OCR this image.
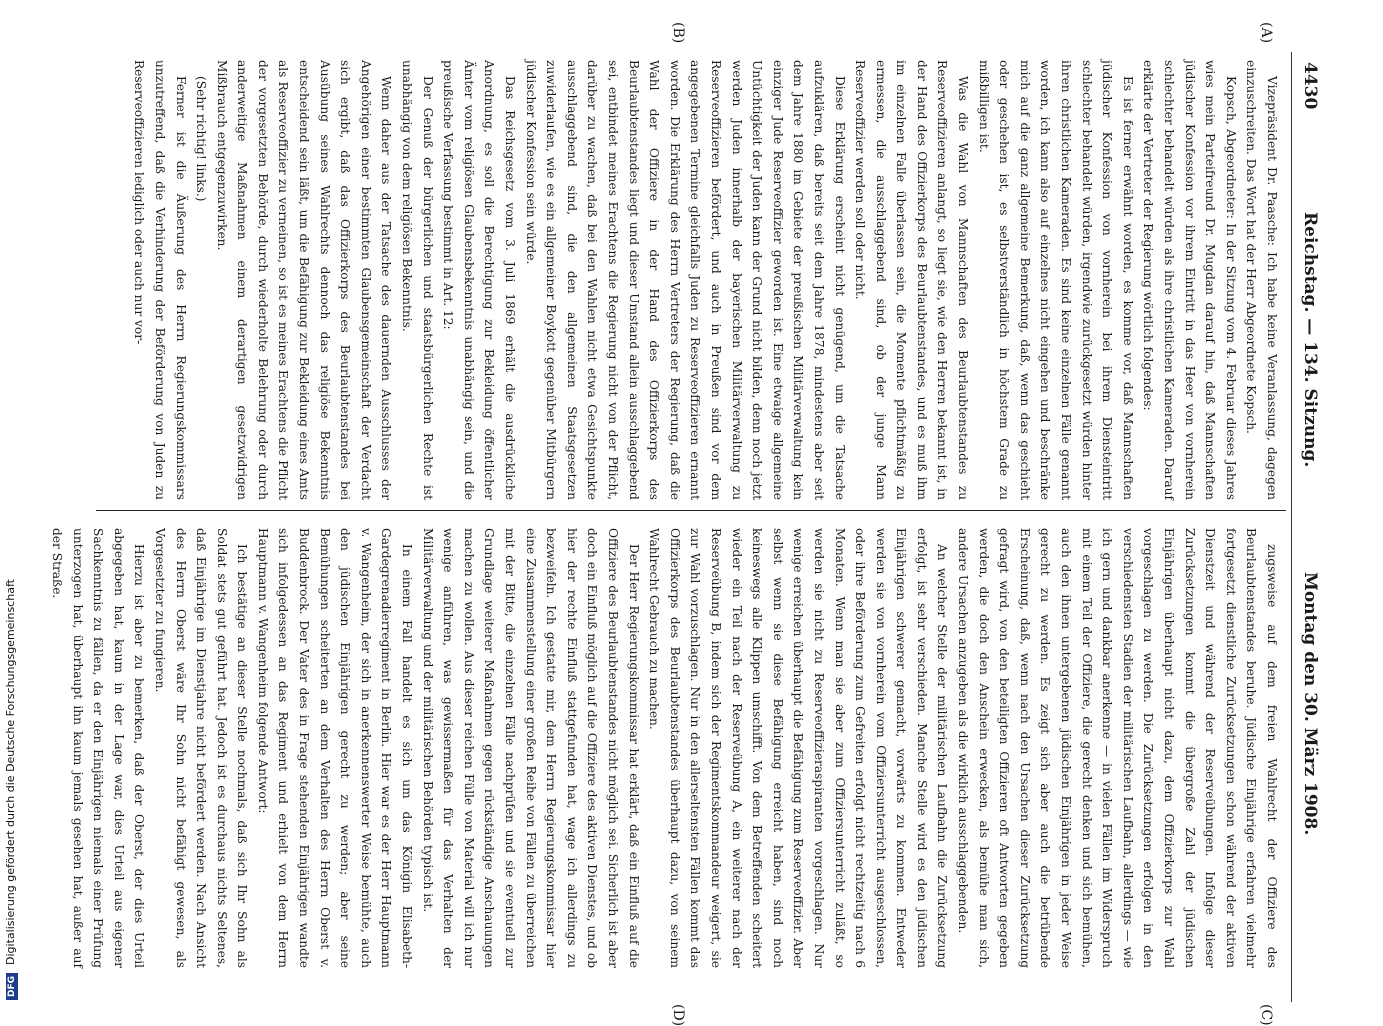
4430
Reichstag. — 134. Sitzung.
Montag den 30. März 1908.
(A)
(B)
(C)
(D)

Vizepräsident Dr. Paasche: Ich habe keine Veranlassung, dagegen einzuschreiten. Das Wort hat der Herr Abgeordnete Kopsch.

Kopsch, Abgeordneter: In der Sitzung vom 4. Februar dieses Jahres wies mein Parteifreund Dr. Mugdan darauf hin, daß Mannschaften jüdischer Konfession vor ihrem Eintritt in das Heer von vornherein schlechter behandelt würden als ihre christlichen Kameraden. Darauf erklärte der Vertreter der Regierung wörtlich folgendes:

Es ist ferner erwähnt worden, es komme vor, daß Mannschaften jüdischer Konfession von vornherein bei ihrem Diensteintritt schlechter behandelt würden, irgendwie zurückgesetzt würden hinter ihren christlichen Kameraden. Es sind keine einzelnen Fälle genannt worden, ich kann also auf einzelnes nicht eingehen und beschränke mich auf die ganz allgemeine Bemerkung, daß, wenn das geschieht oder geschehen ist, es selbstverständlich in höchstem Grade zu mißbilligen ist.

Was die Wahl von Mannschaften des Beurlaubtenstandes zu Reserveoffizieren anlangt, so liegt sie, wie den Herren bekannt ist, in der Hand des Offizierkorps des Beurlaubtenstandes, und es muß ihm im einzelnen Falle überlassen sein, die Momente pflichtmäßig zu ermessen, die ausschlaggebend sind, ob der junge Mann Reserveoffizier werden soll oder nicht.

Diese Erklärung erscheint nicht genügend, um die Tatsache aufzuklären, daß bereits seit dem Jahre 1878, mindestens aber seit dem Jahre 1880 im Gebiete der preußischen Militärverwaltung kein einziger Jude Reserveoffizier geworden ist. Eine etwaige allgemeine Untüchtigkeit der Juden kann der Grund nicht bilden, denn noch jetzt werden Juden innerhalb der bayerischen Militärverwaltung zu Reserveoffizieren befördert, und auch in Preußen sind vor dem angegebenen Termine gleichfalls Juden zu Reserveoffizieren ernannt worden. Die Erklärung des Herrn Vertreters der Regierung, daß die Wahl der Offiziere in der Hand des Offizierkorps des Beurlaubtenstandes liegt und dieser Umstand allein ausschlaggebend sei, entbindet meines Erachtens die Regierung nicht von der Pflicht, darüber zu wachen, daß bei den Wahlen nicht etwa Gesichtspunkte ausschlaggebend sind, die den allgemeinen Staatsgesetzen zuwiderlaufen, wie es ein allgemeiner Boykott gegenüber Mitbürgern jüdischer Konfession sein würde.

Das Reichsgesetz vom 3. Juli 1869 erhält die ausdrückliche Anordnung, es soll die Berechtigung zur Bekleidung öffentlicher Ämter vom religiösen Glaubensbekenntnis unabhängig sein, und die preußische Verfassung bestimmt in Art. 12:

Der Genuß der bürgerlichen und staatsbürgerlichen Rechte ist unabhängig von dem religiösen Bekenntnis.

Wenn daher aus der Tatsache des dauernden Ausschlusses der Angehörigen einer bestimmten Glaubensgemeinschaft der Verdacht sich ergibt, daß das Offizierkorps des Beurlaubtenstandes bei Ausübung seines Wahlrechts dennoch das religiöse Bekenntnis entscheidend sein läßt, um die Befähigung zur Bekleidung eines Amts als Reserveoffizier zu verneinen, so ist es meines Erachtens die Pflicht der vorgesetzten Behörde, durch wiederholte Belehrung oder durch anderweitige Maßnahmen einem derartigen gesetzwidrigen Mißbrauch entgegenzuwirken.

(Sehr richtig! links.)

Ferner ist die Äußerung des Herrn Regierungskommissars unzutreffend, daß die Verhinderung der Beförderung von Juden zu Reserveoffizieren lediglich oder auch nur vor-

zugsweise auf dem freien Wahlrecht der Offiziere des Beurlaubtenstandes beruhe. Jüdische Einjährige erfahren vielmehr fortgesetzt dienstliche Zurücksetzungen schon während der aktiven Dienstzeit und während der Reserveübungen. Infolge dieser Zurücksetzungen kommt die übergroße Zahl der jüdischen Einjährigen überhaupt nicht dazu, dem Offizierkorps zur Wahl vorgeschlagen zu werden. Die Zurücksetzungen erfolgen in den verschiedensten Stadien der militärischen Laufbahn, allerdings — wie ich gern und dankbar anerkenne — in vielen Fällen im Widerspruch mit einem Teil der Offiziere, die gerecht denken und sich bemühen, auch den ihnen untergebenen jüdischen Einjährigen in jeder Weise gerecht zu werden. Es zeigt sich aber auch die betrübende Erscheinung, daß, wenn nach den Ursachen dieser Zurücksetzung gefragt wird, von den beteiligten Offizieren oft Antworten gegeben werden, die doch den Anschein erwecken, als bemühe man sich, andere Ursachen anzugeben als die wirklich ausschlaggebenden.

An welcher Stelle der militärischen Laufbahn die Zurücksetzung erfolgt, ist sehr verschieden. Manche Stelle wird es den jüdischen Einjährigen schwerer gemacht, vorwärts zu kommen. Entweder werden sie von vornherein vom Offiziersunterricht ausgeschlossen, oder ihre Beförderung zum Gefreiten erfolgt nicht rechtzeitig nach 6 Monaten. Wenn man sie aber zum Offiziersunterricht zuläßt, so werden sie nicht zu Reserveoffizieraspiranten vorgeschlagen. Nur wenige erreichen überhaupt die Befähigung zum Reserveoffizier. Aber selbst wenn sie diese Befähigung erreicht haben, sind noch keineswegs alle Klippen umschifft. Von dem Betreffenden scheitert wieder ein Teil nach der Reserveübung A, ein weiterer nach der Reserveübung B, indem sich der Regimentskommandeur weigert, sie zur Wahl vorzuschlagen. Nur in den allerseltensten Fällen kommt das Offizierkorps des Beurlaubtenstandes überhaupt dazu, von seinem Wahlrecht Gebrauch zu machen.

Der Herr Regierungskommissar hat erklärt, daß ein Einfluß auf die Offiziere des Beurlaubtenstandes nicht möglich sei. Sicherlich ist aber doch ein Einfluß möglich auf die Offiziere des aktiven Dienstes, und ob hier der rechte Einfluß stattgefunden hat, wage ich allerdings zu bezweifeln. Ich gestatte mir, dem Herrn Regierungskommissar hier eine Zusammenstellung einer großen Reihe von Fällen zu überreichen mit der Bitte, die einzelnen Fälle nachprüfen und sie eventuell zur Grundlage weiterer Maßnahmen gegen rückständige Anschauungen machen zu wollen. Aus dieser reichen Fülle von Material will ich nur wenige anführen, was gewissermaßen für das Verhalten der Militärverwaltung und der militärischen Behörden typisch ist.

In einem Fall handelt es sich um das Königin Elisabeth-Gardegrenadierregiment in Berlin. Hier war es der Herr Hauptmann v. Wangenheim, der sich in anerkennenswerter Weise bemühte, auch den jüdischen Einjährigen gerecht zu werden; aber seine Bemühungen scheiterten an dem Verhalten des Herrn Oberst v. Buddenbrock. Der Vater des in Frage stehenden Einjährigen wandte sich infolgedessen an das Regiment und erhielt von dem Herrn Hauptmann v. Wangenheim folgende Antwort:

Ich bestätige an dieser Stelle nochmals, daß sich Ihr Sohn als Soldat stets gut geführt hat. Jedoch ist es durchaus nichts Seltenes, daß Einjährige im Dienstjahre nicht befördert werden. Nach Ansicht des Herrn Oberst wäre Ihr Sohn nicht befähigt gewesen, als Vorgesetzter zu fungieren.

Hierzu ist aber zu bemerken, daß der Oberst, der dies Urteil abgegeben hat, kaum in der Lage war, dies Urteil aus eigener Sachkenntnis zu fällen, da er den Einjährigen niemals einer Prüfung unterzogen hat, überhaupt ihn kaum jemals gesehen hat, außer auf der Straße.

DFGDigitalisierung gefördert durch die Deutsche Forschungsgemeinschaft
